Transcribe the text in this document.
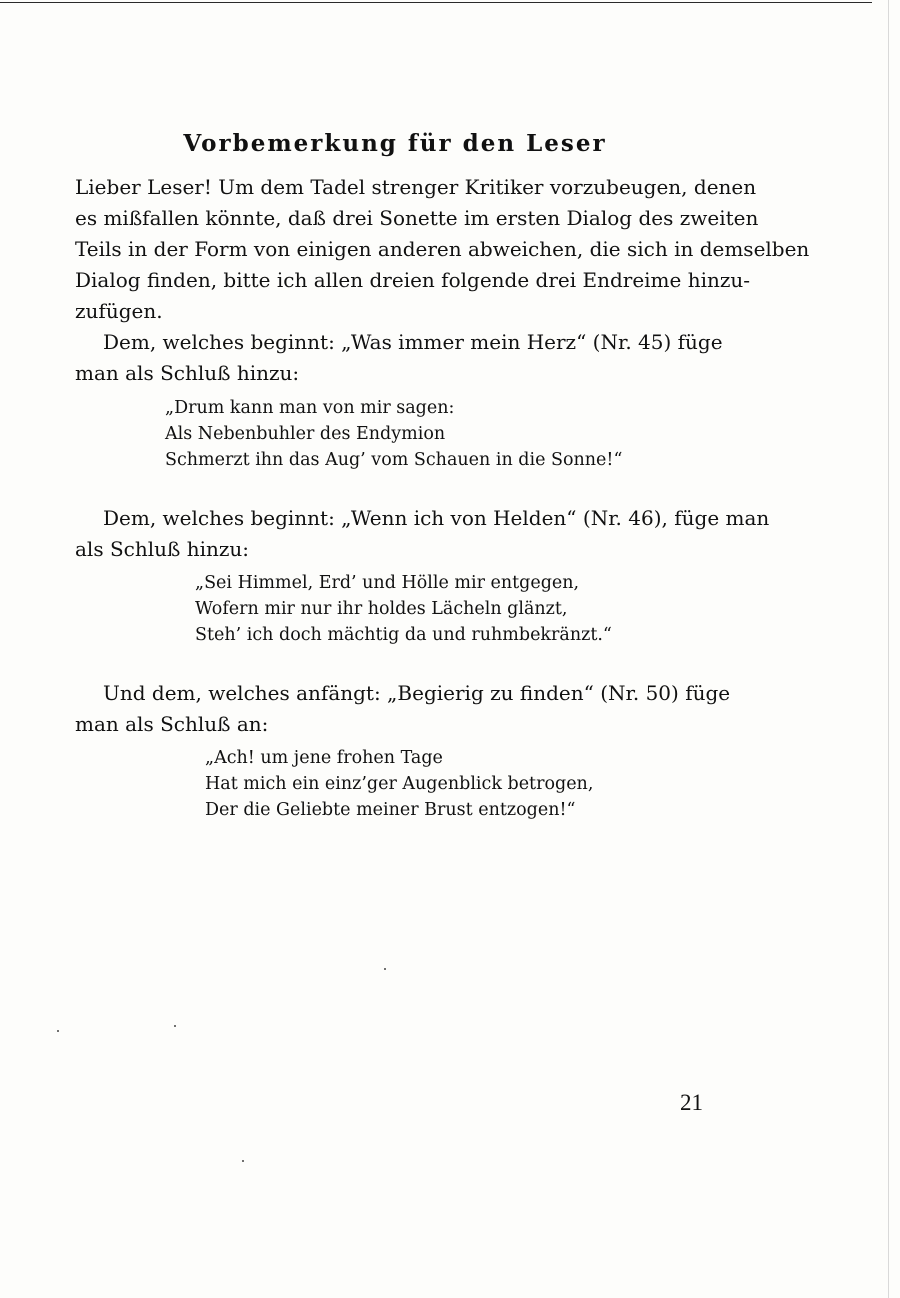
Vorbemerkung für den Leser
Lieber Leser! Um dem Tadel strenger Kritiker vorzubeugen, denen
es mißfallen könnte, daß drei Sonette im ersten Dialog des zweiten
Teils in der Form von einigen anderen abweichen, die sich in demselben
Dialog finden, bitte ich allen dreien folgende drei Endreime hinzu-
zufügen.
Dem, welches beginnt: „Was immer mein Herz“ (Nr. 45) füge
man als Schluß hinzu:
„Drum kann man von mir sagen:
Als Nebenbuhler des Endymion
Schmerzt ihn das Aug’ vom Schauen in die Sonne!“
Dem, welches beginnt: „Wenn ich von Helden“ (Nr. 46), füge man
als Schluß hinzu:
„Sei Himmel, Erd’ und Hölle mir entgegen,
Wofern mir nur ihr holdes Lächeln glänzt,
Steh’ ich doch mächtig da und ruhmbekränzt.“
Und dem, welches anfängt: „Begierig zu finden“ (Nr. 50) füge
man als Schluß an:
„Ach! um jene frohen Tage
Hat mich ein einz’ger Augenblick betrogen,
Der die Geliebte meiner Brust entzogen!“
21
